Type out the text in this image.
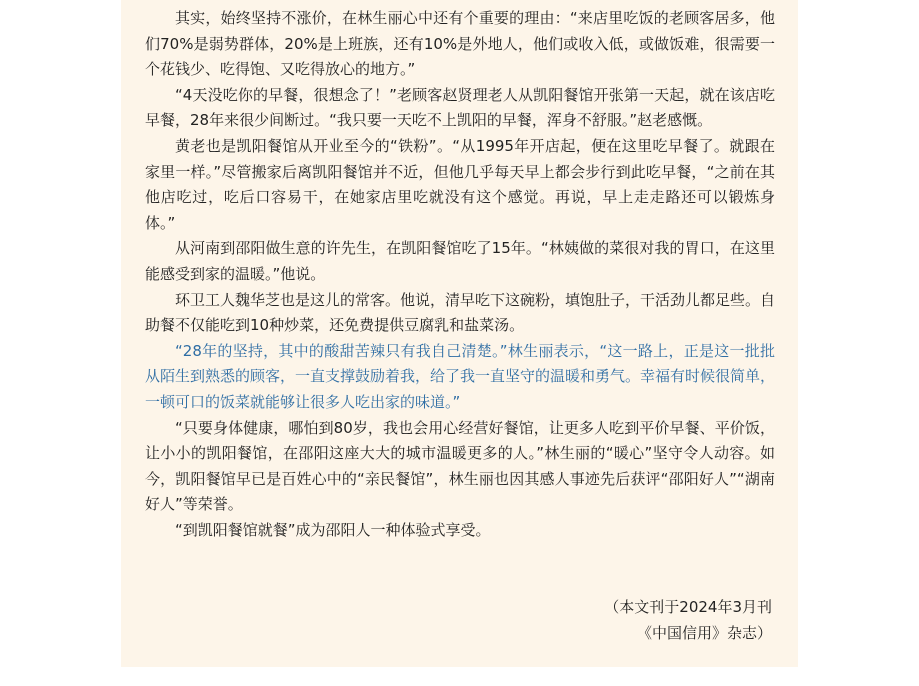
其实，始终坚持不涨价，在林生丽心中还有个重要的理由：“来店里吃饭的老顾客居多，他们70%是弱势群体，20%是上班族，还有10%是外地人，他们或收入低，或做饭难，很需要一个花钱少、吃得饱、又吃得放心的地方。”

“4天没吃你的早餐，很想念了！”老顾客赵贤理老人从凯阳餐馆开张第一天起，就在该店吃早餐，28年来很少间断过。“我只要一天吃不上凯阳的早餐，浑身不舒服。”赵老感慨。

黄老也是凯阳餐馆从开业至今的“铁粉”。“从1995年开店起，便在这里吃早餐了。就跟在家里一样。”尽管搬家后离凯阳餐馆并不近，但他几乎每天早上都会步行到此吃早餐，“之前在其他店吃过，吃后口容易干，在她家店里吃就没有这个感觉。再说，早上走走路还可以锻炼身体。”

从河南到邵阳做生意的许先生，在凯阳餐馆吃了15年。“林姨做的菜很对我的胃口，在这里能感受到家的温暖。”他说。

环卫工人魏华芝也是这儿的常客。他说，清早吃下这碗粉，填饱肚子，干活劲儿都足些。自助餐不仅能吃到10种炒菜，还免费提供豆腐乳和盐菜汤。

“28年的坚持，其中的酸甜苦辣只有我自己清楚。”林生丽表示，“这一路上，正是这一批批从陌生到熟悉的顾客，一直支撑鼓励着我，给了我一直坚守的温暖和勇气。幸福有时候很简单，一顿可口的饭菜就能够让很多人吃出家的味道。”

“只要身体健康，哪怕到80岁，我也会用心经营好餐馆，让更多人吃到平价早餐、平价饭，让小小的凯阳餐馆，在邵阳这座大大的城市温暖更多的人。”林生丽的“暖心”坚守令人动容。如今，凯阳餐馆早已是百姓心中的“亲民餐馆”，林生丽也因其感人事迹先后获评“邵阳好人”“湖南好人”等荣誉。

“到凯阳餐馆就餐”成为邵阳人一种体验式享受。

（本文刊于2024年3月刊
《中国信用》杂志）
